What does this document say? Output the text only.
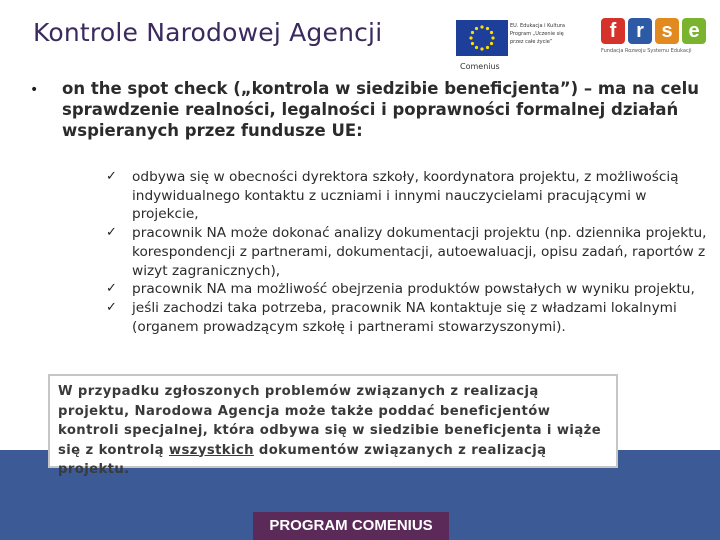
Kontrole Narodowej Agencji	EU. Edukacja i Kultura
Program „Uczenie się przez całe życie”
Comenius
f r s e
Fundacja Rozwoju Systemu Edukacji
• on the spot check („kontrola w siedzibie beneficjenta”) – ma na celu sprawdzenie realności, legalności i poprawności formalnej działań wspieranych przez fundusze UE:
✓ odbywa się w obecności dyrektora szkoły, koordynatora projektu, z możliwością indywidualnego kontaktu z uczniami i innymi nauczycielami pracującymi w projekcie,
✓ pracownik NA może dokonać analizy dokumentacji projektu (np. dziennika projektu, korespondencji z partnerami, dokumentacji, autoewaluacji, opisu zadań, raportów z wizyt zagranicznych),
✓ pracownik NA ma możliwość obejrzenia produktów powstałych w wyniku projektu,
✓ jeśli zachodzi taka potrzeba, pracownik NA kontaktuje się z władzami lokalnymi (organem prowadzącym szkołę i partnerami stowarzyszonymi).
W przypadku zgłoszonych problemów związanych z realizacją projektu, Narodowa Agencja może także poddać beneficjentów kontroli specjalnej, która odbywa się w siedzibie beneficjenta i wiąże się z kontrolą wszystkich dokumentów związanych z realizacją projektu.
PROGRAM COMENIUS
